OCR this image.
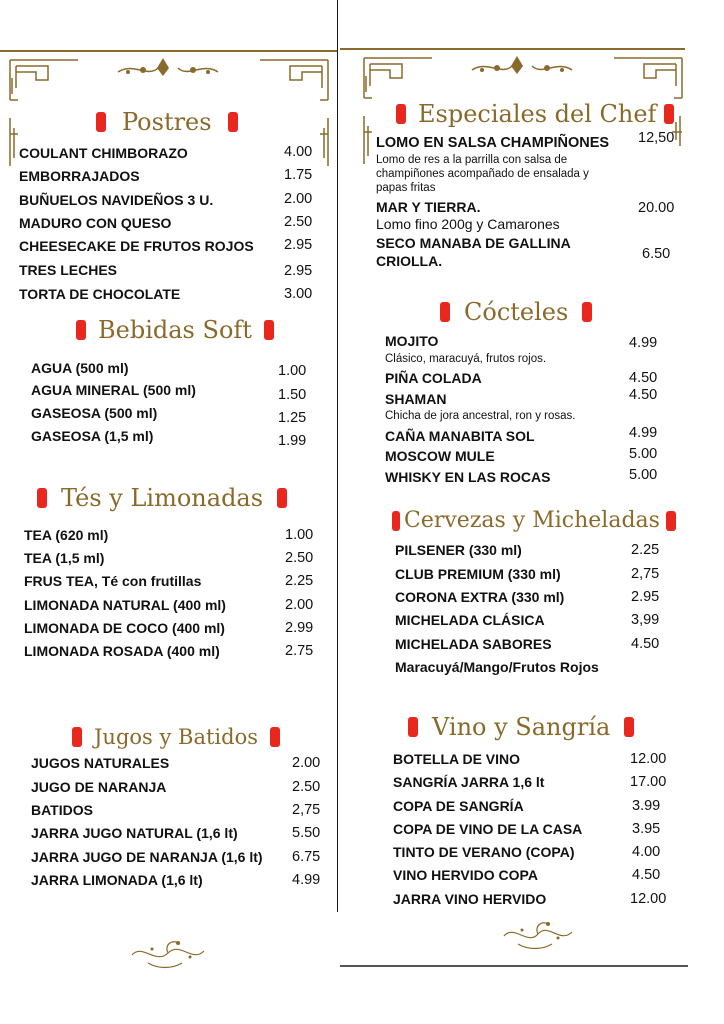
Postres
COULANT CHIMBORAZO	4.00
EMBORRAJADOS	1.75
BUÑUELOS NAVIDEÑOS 3 U.	2.00
MADURO CON QUESO	2.50
CHEESECAKE DE FRUTOS ROJOS 2.95
TRES LECHES	2.95
TORTA DE CHOCOLATE	3.00
Bebidas Soft
AGUA (500 ml)	1.00
AGUA MINERAL (500 ml)	1.50
GASEOSA (500 ml)	1.25
GASEOSA (1,5 ml)	1.99
Tés y Limonadas
TEA (620 ml)	1.00
TEA (1,5 ml)	2.50
FRUS TEA, Té con frutillas	2.25
LIMONADA NATURAL (400 ml)	2.00
LIMONADA DE COCO (400 ml)	2.99
LIMONADA ROSADA (400 ml)	2.75
Jugos y Batidos
JUGOS NATURALES	2.00
JUGO DE NARANJA	2.50
BATIDOS	2,75
JARRA JUGO NATURAL (1,6 lt)	5.50
JARRA JUGO DE NARANJA (1,6 lt) 6.75
JARRA LIMONADA (1,6 lt)	4.99
Especiales del Chef
LOMO EN SALSA CHAMPIÑONES 12,50
Lomo de res a la parrilla con salsa de
champiñones acompañado de ensalada y
papas fritas
MAR Y TIERRA.	20.00
Lomo fino 200g y Camarones
SECO MANABA DE GALLINA
CRIOLLA.	6.50
Cócteles
MOJITO	4.99
Clásico, maracuyá, frutos rojos.
PIÑA COLADA	4.50
SHAMAN	4.50
Chicha de jora ancestral, ron y rosas.
CAÑA MANABITA SOL	4.99
MOSCOW MULE	5.00
WHISKY EN LAS ROCAS	5.00
Cervezas y Micheladas
PILSENER (330 ml)	2.25
CLUB PREMIUM (330 ml)	2,75
CORONA EXTRA (330 ml)	2.95
MICHELADA CLÁSICA	3,99
MICHELADA SABORES	4.50
Maracuyá/Mango/Frutos Rojos
Vino y Sangría
BOTELLA DE VINO	12.00
SANGRÍA JARRA 1,6 lt	17.00
COPA DE SANGRÍA	3.99
COPA DE VINO DE LA CASA	3.95
TINTO DE VERANO (COPA)	4.00
VINO HERVIDO COPA	4.50
JARRA VINO HERVIDO	12.00
